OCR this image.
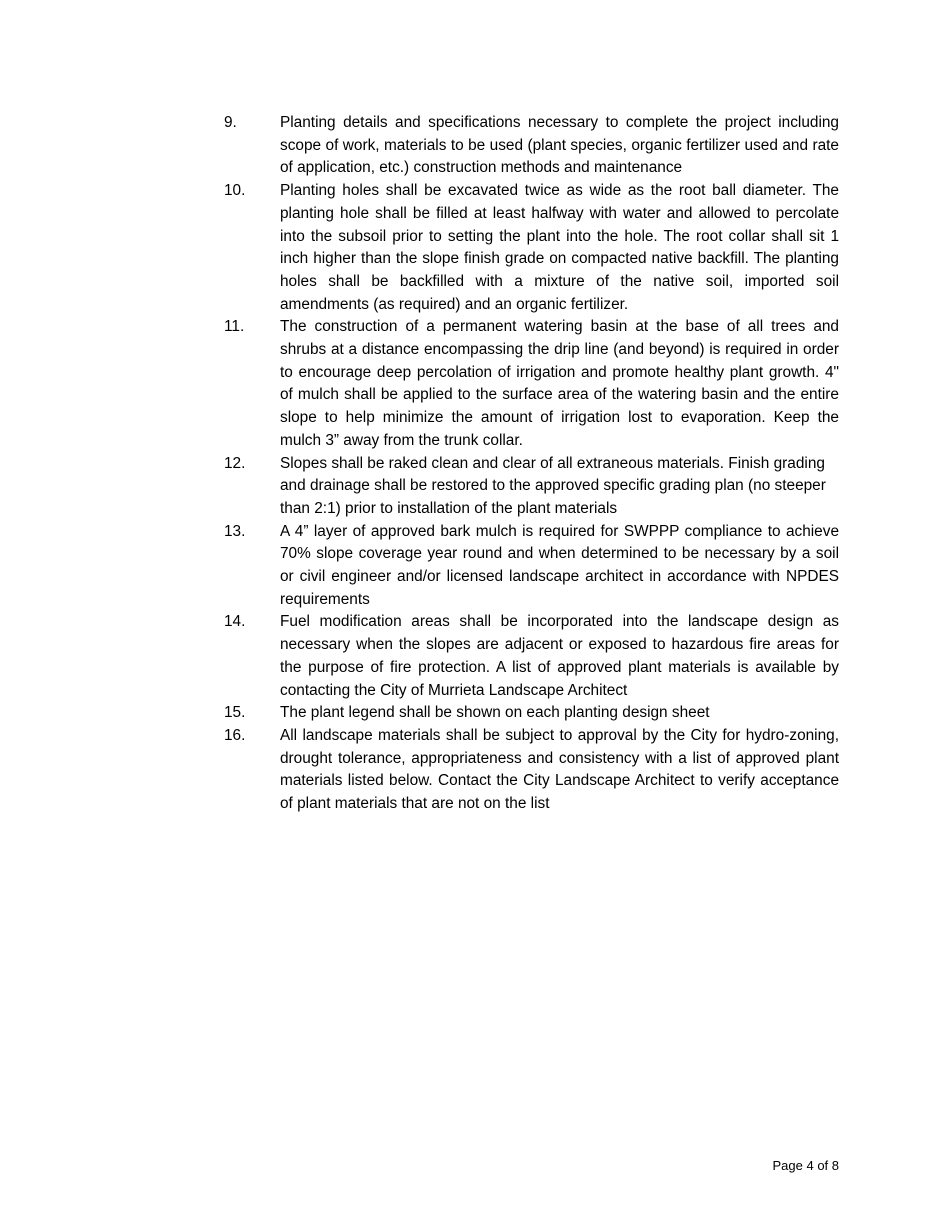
9.	Planting details and specifications necessary to complete the project including scope of work, materials to be used (plant species, organic fertilizer used and rate of application, etc.) construction methods and maintenance
10.	Planting holes shall be excavated twice as wide as the root ball diameter. The planting hole shall be filled at least halfway with water and allowed to percolate into the subsoil prior to setting the plant into the hole. The root collar shall sit 1 inch higher than the slope finish grade on compacted native backfill. The planting holes shall be backfilled with a mixture of the native soil, imported soil amendments (as required) and an organic fertilizer.
11.	The construction of a permanent watering basin at the base of all trees and shrubs at a distance encompassing the drip line (and beyond) is required in order to encourage deep percolation of irrigation and promote healthy plant growth. 4" of mulch shall be applied to the surface area of the watering basin and the entire slope to help minimize the amount of irrigation lost to evaporation. Keep the mulch 3” away from the trunk collar.
12.	Slopes shall be raked clean and clear of all extraneous materials. Finish grading and drainage shall be restored to the approved specific grading plan (no steeper than 2:1) prior to installation of the plant materials
13.	A 4” layer of approved bark mulch is required for SWPPP compliance to achieve 70% slope coverage year round and when determined to be necessary by a soil or civil engineer and/or licensed landscape architect in accordance with NPDES requirements
14.	Fuel modification areas shall be incorporated into the landscape design as necessary when the slopes are adjacent or exposed to hazardous fire areas for the purpose of fire protection. A list of approved plant materials is available by contacting the City of Murrieta Landscape Architect
15.	The plant legend shall be shown on each planting design sheet
16.	All landscape materials shall be subject to approval by the City for hydro-zoning, drought tolerance, appropriateness and consistency with a list of approved plant materials listed below. Contact the City Landscape Architect to verify acceptance of plant materials that are not on the list
Page 4 of 8
